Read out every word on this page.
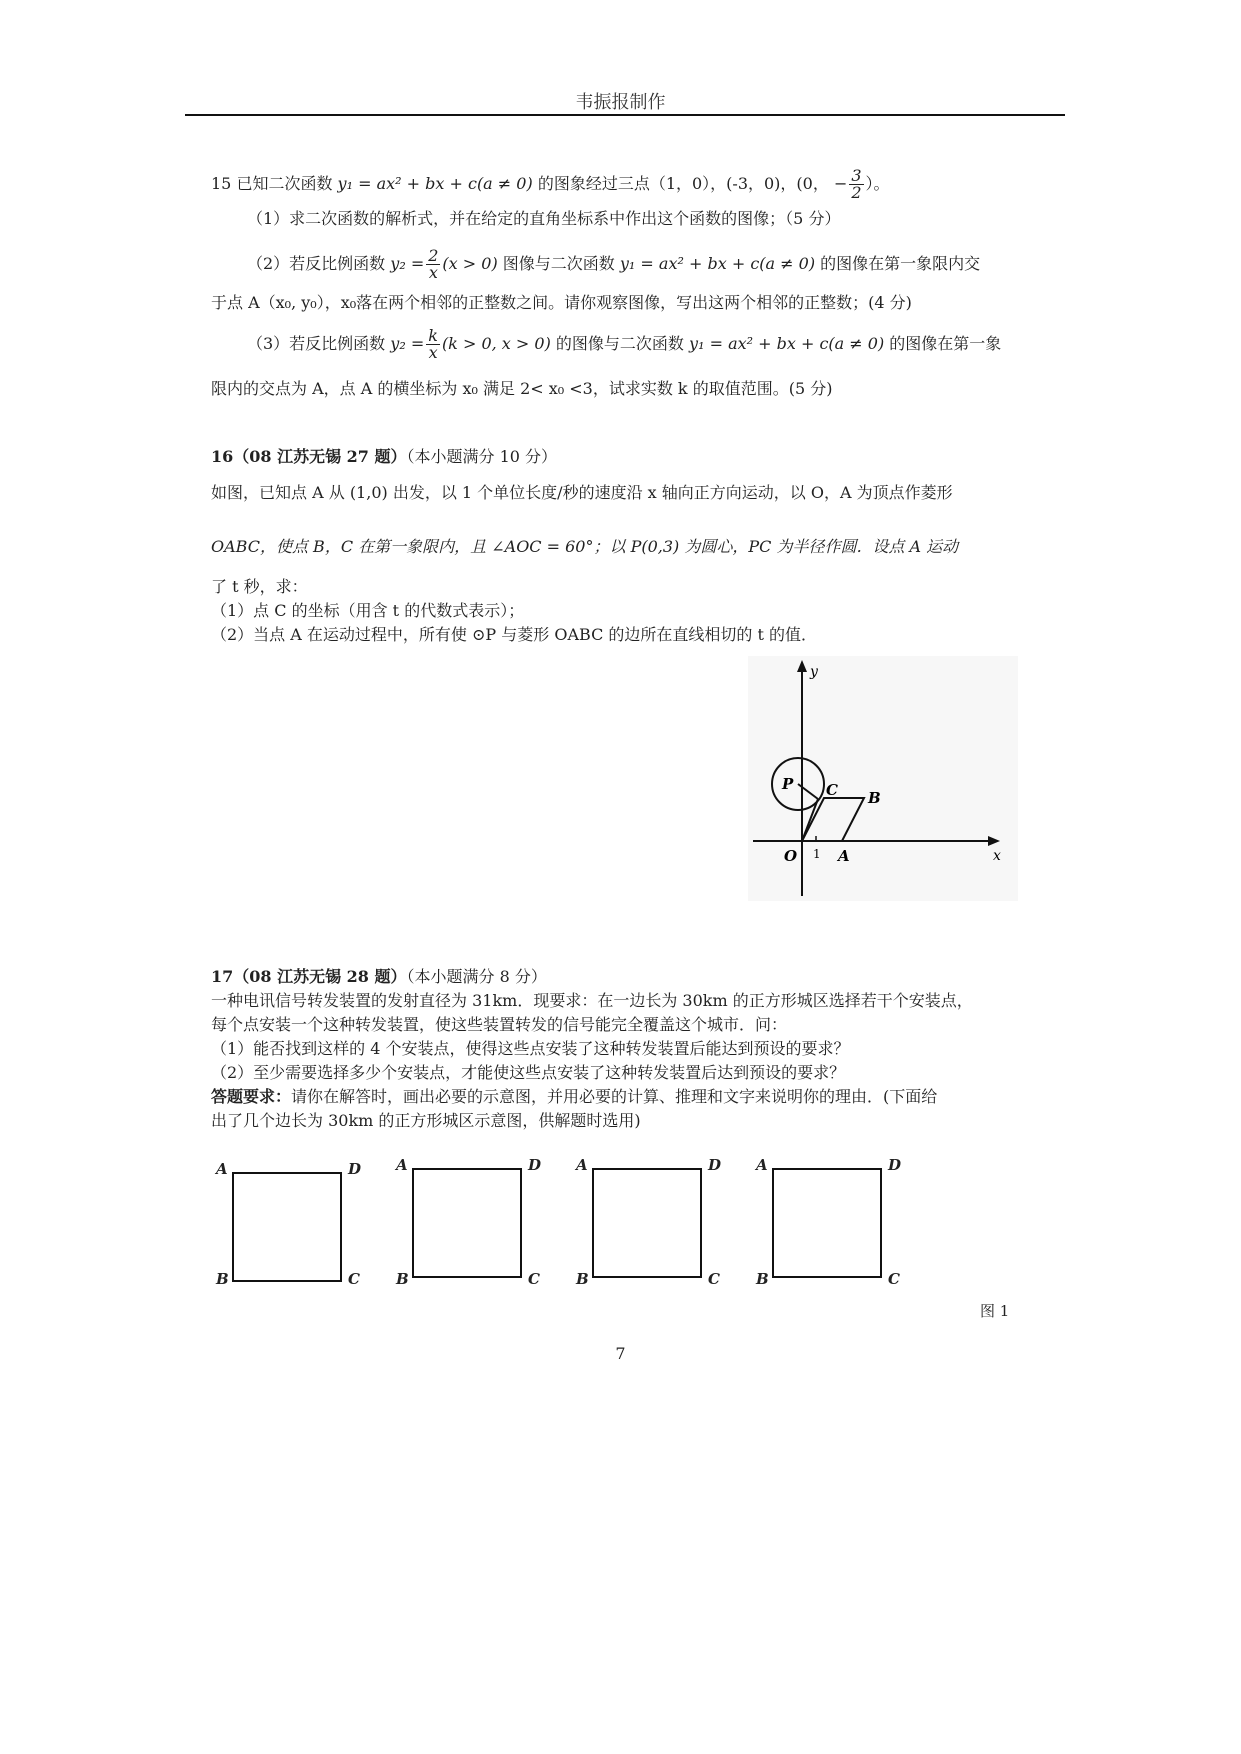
韦振报制作
15 已知二次函数 y₁ = ax² + bx + c(a ≠ 0) 的图象经过三点（1，0），(-3，0)，(0， − $\frac{3}{2}$ ）。
（1）求二次函数的解析式，并在给定的直角坐标系中作出这个函数的图像；（5 分）
（2）若反比例函数 $y_2 = \frac{2}{x} (x > 0)$ 图像与二次函数 y₁ = ax² + bx + c(a ≠ 0) 的图像在第一象限内交
于点 A（x₀, y₀），x₀落在两个相邻的正整数之间。请你观察图像，写出这两个相邻的正整数；(4 分)
（3）若反比例函数 $y_2 = \frac{k}{x} (k > 0$, x > 0) 的图像与二次函数 y₁ = ax² + bx + c(a ≠ 0) 的图像在第一象
限内的交点为 A，点 A 的横坐标为 x₀ 满足 2< x₀ <3，试求实数 k 的取值范围。(5 分)
16（08 江苏无锡 27 题）（本小题满分 10 分）
如图，已知点 A 从 (1,0) 出发，以 1 个单位长度/秒的速度沿 x 轴向正方向运动，以 O，A 为顶点作菱形
OABC，使点 B，C 在第一象限内，且 ∠AOC = 60°；以 P(0,3) 为圆心，PC 为半径作圆．设点 A 运动
了 t 秒，求：
（1）点 C 的坐标（用含 t 的代数式表示）；
（2）当点 A 在运动过程中，所有使 ⊙P 与菱形 OABC 的边所在直线相切的 t 的值．
y
x
P C B
O 1 A
17（08 江苏无锡 28 题）（本小题满分 8 分）
一种电讯信号转发装置的发射直径为 31km．现要求：在一边长为 30km 的正方形城区选择若干个安装点，
每个点安装一个这种转发装置，使这些装置转发的信号能完全覆盖这个城市．问：
（1）能否找到这样的 4 个安装点，使得这些点安装了这种转发装置后能达到预设的要求？
（2）至少需要选择多少个安装点，才能使这些点安装了这种转发装置后达到预设的要求？
答题要求：请你在解答时，画出必要的示意图，并用必要的计算、推理和文字来说明你的理由．(下面给
出了几个边长为 30km 的正方形城区示意图，供解题时选用)
A	D
B	C
A	D
B	C
A	D
B	C
A	D
B	C
图 1
7
